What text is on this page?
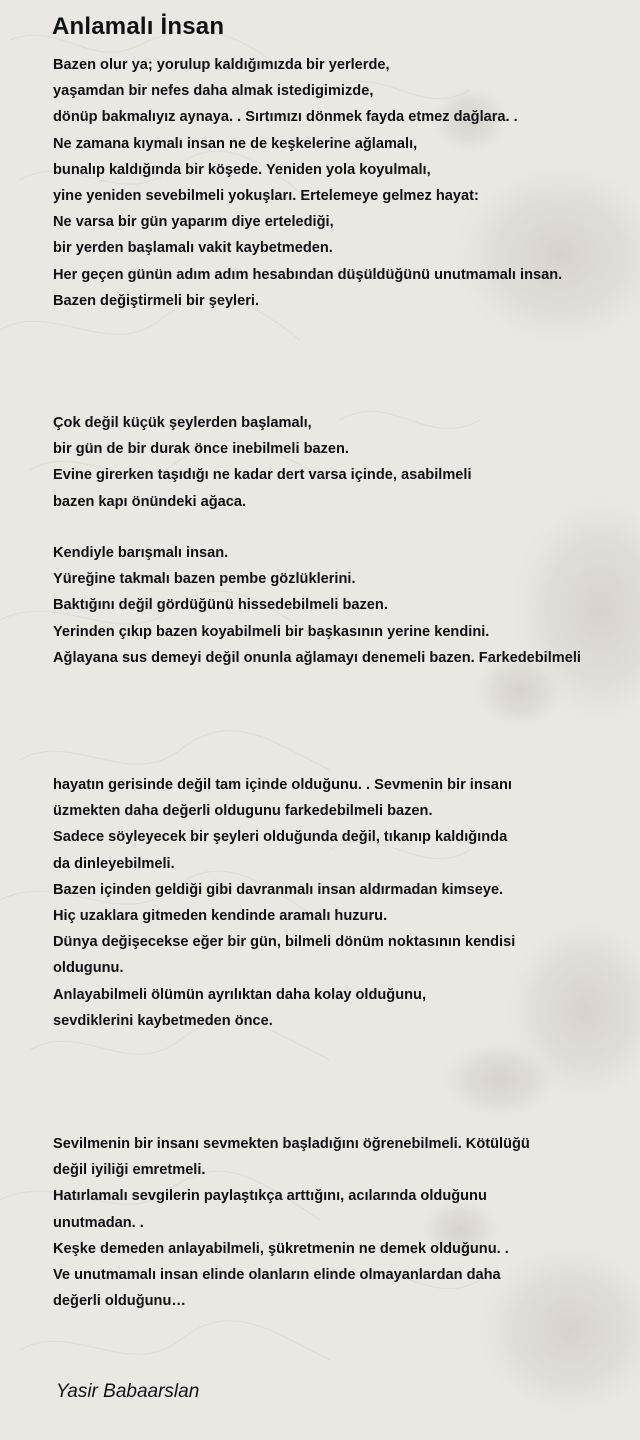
Anlamalı İnsan
Bazen olur ya; yorulup kaldığımızda bir yerlerde,
yaşamdan bir nefes daha almak istedigimizde,
dönüp bakmalıyız aynaya. . Sırtımızı dönmek fayda etmez dağlara. .
Ne zamana kıymalı insan ne de keşkelerine ağlamalı,
bunalıp kaldığında bir köşede. Yeniden yola koyulmalı,
yine yeniden sevebilmeli yokuşları. Ertelemeye gelmez hayat:
Ne varsa bir gün yaparım diye ertelediği,
bir yerden başlamalı vakit kaybetmeden.
Her geçen günün adım adım hesabından düşüldüğünü unutmamalı insan.
Bazen değiştirmeli bir şeyleri.
Çok değil küçük şeylerden başlamalı,
bir gün de bir durak önce inebilmeli bazen.
Evine girerken taşıdığı ne kadar dert varsa içinde, asabilmeli
bazen kapı önündeki ağaca.
Kendiyle barışmalı insan.
Yüreğine takmalı bazen pembe gözlüklerini.
Baktığını değil gördüğünü hissedebilmeli bazen.
Yerinden çıkıp bazen koyabilmeli bir başkasının yerine kendini.
Ağlayana sus demeyi değil onunla ağlamayı denemeli bazen. Farkedebilmeli
hayatın gerisinde değil tam içinde olduğunu. . Sevmenin bir insanı
üzmekten daha değerli oldugunu farkedebilmeli bazen.
Sadece söyleyecek bir şeyleri olduğunda değil, tıkanıp kaldığında
da dinleyebilmeli.
Bazen içinden geldiği gibi davranmalı insan aldırmadan kimseye.
Hiç uzaklara gitmeden kendinde aramalı huzuru.
Dünya değişecekse eğer bir gün, bilmeli dönüm noktasının kendisi
oldugunu.
Anlayabilmeli ölümün ayrılıktan daha kolay olduğunu,
sevdiklerini kaybetmeden önce.
Sevilmenin bir insanı sevmekten başladığını öğrenebilmeli. Kötülüğü
değil iyiliği emretmeli.
Hatırlamalı sevgilerin paylaştıkça arttığını, acılarında olduğunu
unutmadan. .
Keşke demeden anlayabilmeli, şükretmenin ne demek olduğunu. .
Ve unutmamalı insan elinde olanların elinde olmayanlardan daha
değerli olduğunu…

Yasir Babaarslan
